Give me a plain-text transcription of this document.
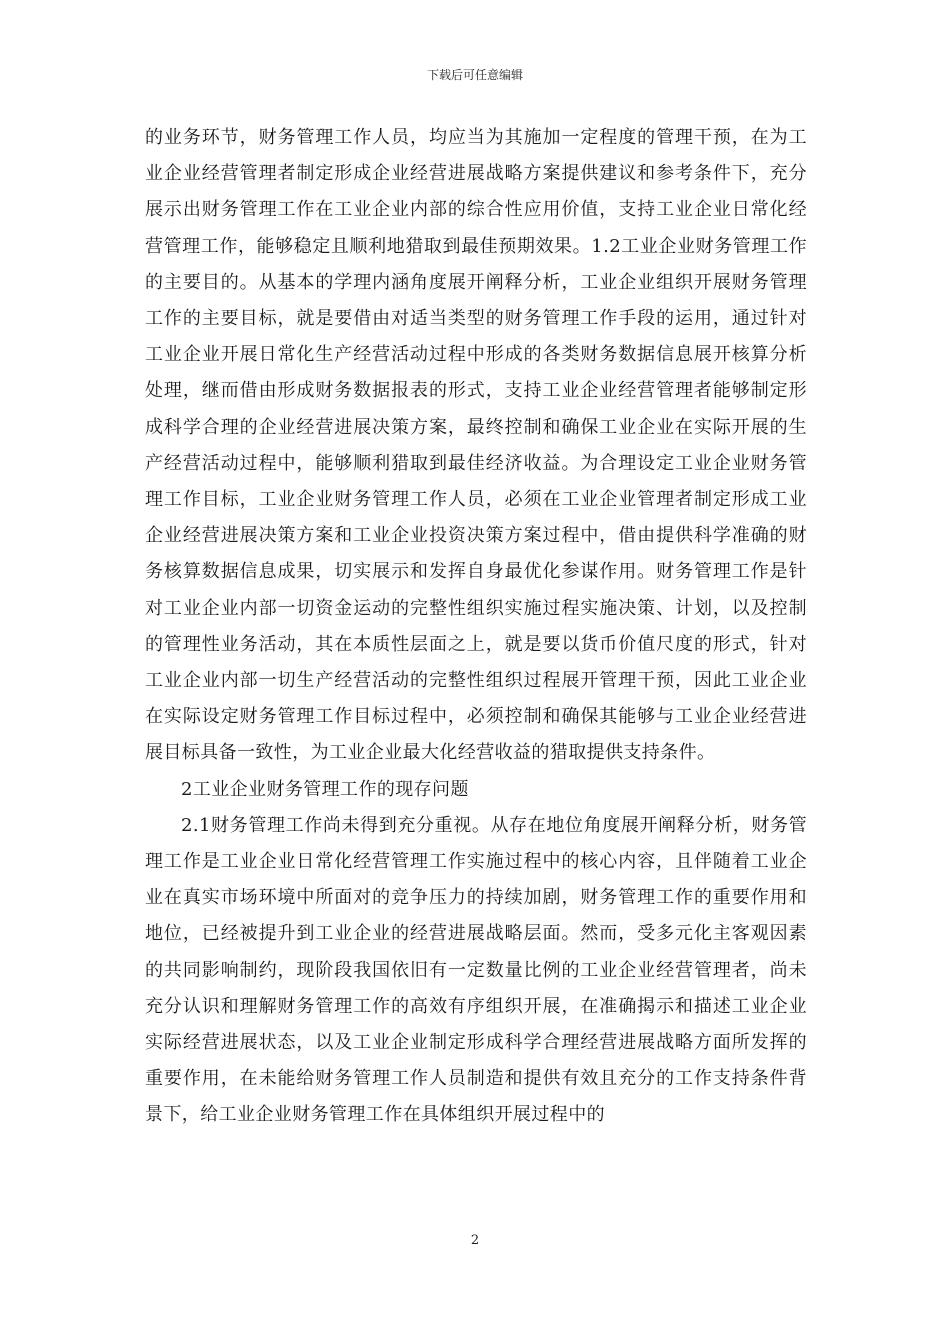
下载后可任意编辑

的业务环节，财务管理工作人员，均应当为其施加一定程度的管理干预，在为工业企业经营管理者制定形成企业经营进展战略方案提供建议和参考条件下，充分展示出财务管理工作在工业企业内部的综合性应用价值，支持工业企业日常化经营管理工作，能够稳定且顺利地猎取到最佳预期效果。1.2工业企业财务管理工作的主要目的。从基本的学理内涵角度展开阐释分析，工业企业组织开展财务管理工作的主要目标，就是要借由对适当类型的财务管理工作手段的运用，通过针对工业企业开展日常化生产经营活动过程中形成的各类财务数据信息展开核算分析处理，继而借由形成财务数据报表的形式，支持工业企业经营管理者能够制定形成科学合理的企业经营进展决策方案，最终控制和确保工业企业在实际开展的生产经营活动过程中，能够顺利猎取到最佳经济收益。为合理设定工业企业财务管理工作目标，工业企业财务管理工作人员，必须在工业企业管理者制定形成工业企业经营进展决策方案和工业企业投资决策方案过程中，借由提供科学准确的财务核算数据信息成果，切实展示和发挥自身最优化参谋作用。财务管理工作是针对工业企业内部一切资金运动的完整性组织实施过程实施决策、计划，以及控制的管理性业务活动，其在本质性层面之上，就是要以货币价值尺度的形式，针对工业企业内部一切生产经营活动的完整性组织过程展开管理干预，因此工业企业在实际设定财务管理工作目标过程中，必须控制和确保其能够与工业企业经营进展目标具备一致性，为工业企业最大化经营收益的猎取提供支持条件。

2工业企业财务管理工作的现存问题

2.1财务管理工作尚未得到充分重视。从存在地位角度展开阐释分析，财务管理工作是工业企业日常化经营管理工作实施过程中的核心内容，且伴随着工业企业在真实市场环境中所面对的竞争压力的持续加剧，财务管理工作的重要作用和地位，已经被提升到工业企业的经营进展战略层面。然而，受多元化主客观因素的共同影响制约，现阶段我国依旧有一定数量比例的工业企业经营管理者，尚未充分认识和理解财务管理工作的高效有序组织开展，在准确揭示和描述工业企业实际经营进展状态，以及工业企业制定形成科学合理经营进展战略方面所发挥的重要作用，在未能给财务管理工作人员制造和提供有效且充分的工作支持条件背景下，给工业企业财务管理工作在具体组织开展过程中的

2
